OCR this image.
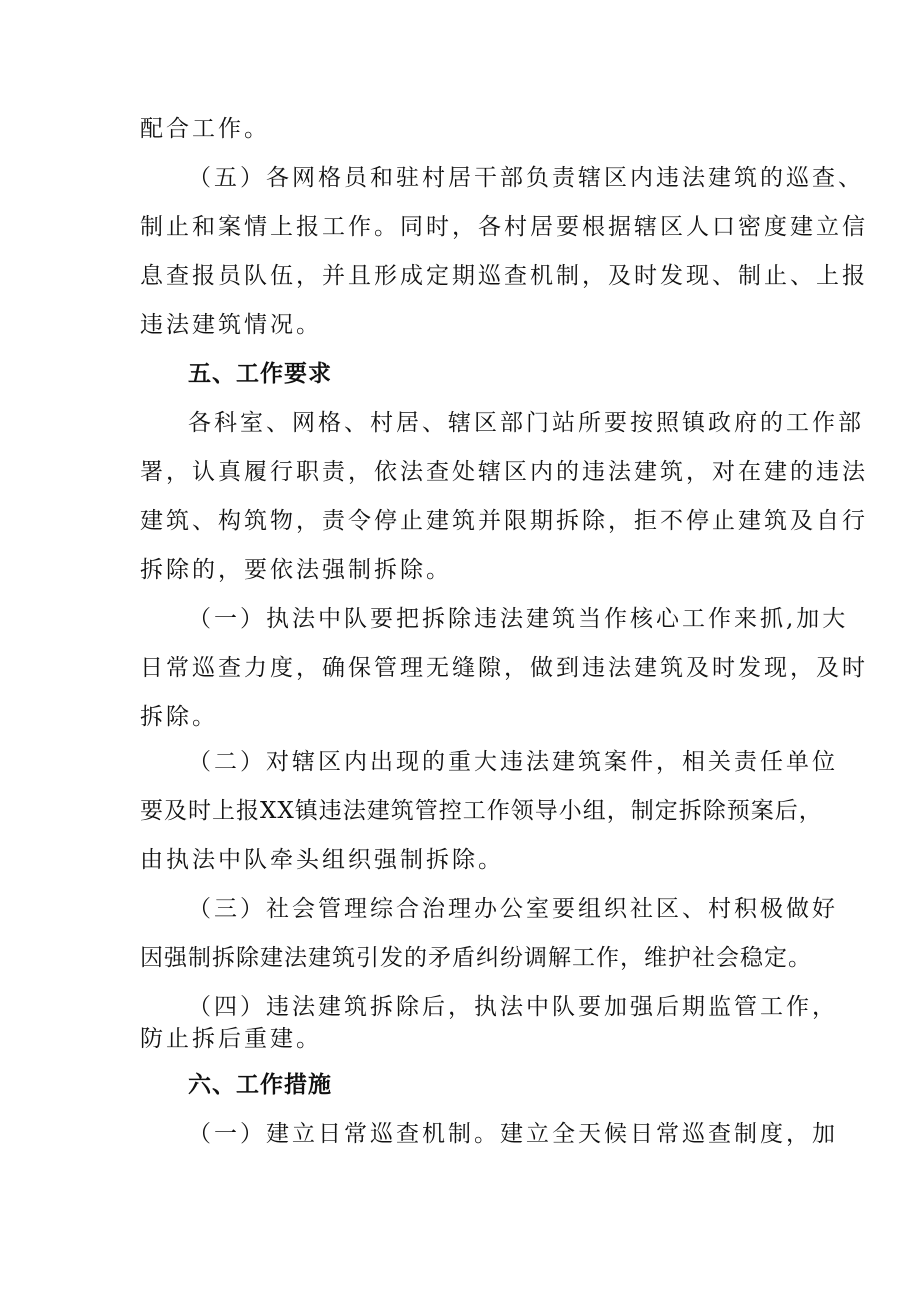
配合工作。
（五）各网格员和驻村居干部负责辖区内违法建筑的巡查、
制止和案情上报工作。同时，各村居要根据辖区人口密度建立信
息查报员队伍，并且形成定期巡查机制，及时发现、制止、上报
违法建筑情况。
五、工作要求
各科室、网格、村居、辖区部门站所要按照镇政府的工作部
署，认真履行职责，依法查处辖区内的违法建筑，对在建的违法
建筑、构筑物，责令停止建筑并限期拆除，拒不停止建筑及自行
拆除的，要依法强制拆除。
（一）执法中队要把拆除违法建筑当作核心工作来抓,加大
日常巡查力度，确保管理无缝隙，做到违法建筑及时发现，及时
拆除。
（二）对辖区内出现的重大违法建筑案件，相关责任单位
要及时上报XX镇违法建筑管控工作领导小组，制定拆除预案后，
由执法中队牵头组织强制拆除。
（三）社会管理综合治理办公室要组织社区、村积极做好
因强制拆除建法建筑引发的矛盾纠纷调解工作，维护社会稳定。
（四）违法建筑拆除后，执法中队要加强后期监管工作，
防止拆后重建。
六、工作措施
（一）建立日常巡查机制。建立全天候日常巡查制度，加
